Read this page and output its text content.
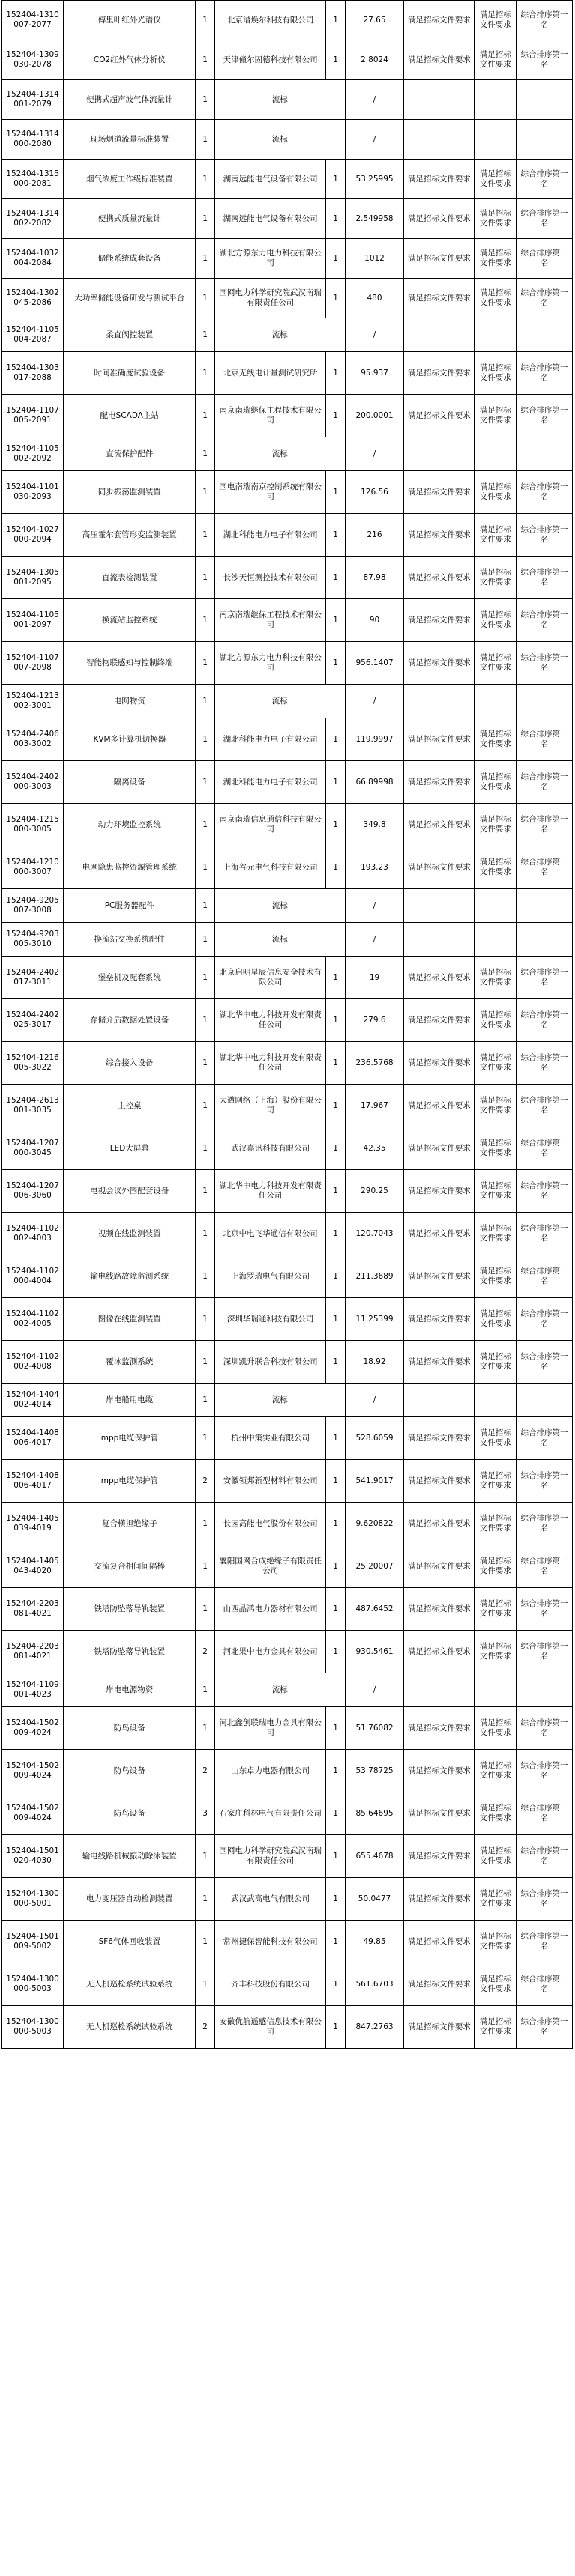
152404-1310007-2077	傅里叶红外光谱仪	1	北京谱焕尔科技有限公司	1	27.65	满足招标文件要求	满足招标文件要求	综合排序第一名
152404-1309030-2078	CO2红外气体分析仪	1	天津僮尔固德科技有限公司	1	2.8024	满足招标文件要求	满足招标文件要求	综合排序第一名
152404-1314001-2079	便携式超声波气体流量计	1	流标		/			
152404-1314000-2080	现场烟道流量标准装置	1	流标		/			
152404-1315000-2081	烟气浓度工作级标准装置	1	湖南远能电气设备有限公司	1	53.25995	满足招标文件要求	满足招标文件要求	综合排序第一名
152404-1314002-2082	便携式质量流量计	1	湖南远能电气设备有限公司	1	2.549958	满足招标文件要求	满足招标文件要求	综合排序第一名
152404-1032004-2084	储能系统成套设备	1	湖北方源东力电力科技有限公司	1	1012	满足招标文件要求	满足招标文件要求	综合排序第一名
152404-1302045-2086	大功率储能设备研发与测试平台	1	国网电力科学研究院武汉南瑞有限责任公司	1	480	满足招标文件要求	满足招标文件要求	综合排序第一名
152404-1105004-2087	柔直阀控装置	1	流标		/			
152404-1303017-2088	时间准确度试验设备	1	北京无线电计量测试研究所	1	95.937	满足招标文件要求	满足招标文件要求	综合排序第一名
152404-1107005-2091	配电SCADA主站	1	南京南瑞继保工程技术有限公司	1	200.0001	满足招标文件要求	满足招标文件要求	综合排序第一名
152404-1105002-2092	直流保护配件	1	流标		/			
152404-1101030-2093	同步振荡监测装置	1	国电南瑞南京控制系统有限公司	1	126.56	满足招标文件要求	满足招标文件要求	综合排序第一名
152404-1027000-2094	高压霍尔套管形变监测装置	1	湖北科能电力电子有限公司	1	216	满足招标文件要求	满足招标文件要求	综合排序第一名
152404-1305001-2095	直流表检测装置	1	长沙天恒测控技术有限公司	1	87.98	满足招标文件要求	满足招标文件要求	综合排序第一名
152404-1105001-2097	换流站监控系统	1	南京南瑞继保工程技术有限公司	1	90	满足招标文件要求	满足招标文件要求	综合排序第一名
152404-1107007-2098	智能物联感知与控制终端	1	湖北方源东力电力科技有限公司	1	956.1407	满足招标文件要求	满足招标文件要求	综合排序第一名
152404-1213002-3001	电网物资	1	流标		/			
152404-2406003-3002	KVM多计算机切换器	1	湖北科能电力电子有限公司	1	119.9997	满足招标文件要求	满足招标文件要求	综合排序第一名
152404-2402000-3003	隔离设备	1	湖北科能电力电子有限公司	1	66.89998	满足招标文件要求	满足招标文件要求	综合排序第一名
152404-1215000-3005	动力环境监控系统	1	南京南瑞信息通信科技有限公司	1	349.8	满足招标文件要求	满足招标文件要求	综合排序第一名
152404-1210000-3007	电网隐患监控资源管理系统	1	上海谷元电气科技有限公司	1	193.23	满足招标文件要求	满足招标文件要求	综合排序第一名
152404-9205007-3008	PC服务器配件	1	流标		/			
152404-9203005-3010	换流站交换系统配件	1	流标		/			
152404-2402017-3011	堡垒机及配套系统	1	北京启明星辰信息安全技术有限公司	1	19	满足招标文件要求	满足招标文件要求	综合排序第一名
152404-2402025-3017	存储介质数据处置设备	1	湖北华中电力科技开发有限责任公司	1	279.6	满足招标文件要求	满足招标文件要求	综合排序第一名
152404-1216005-3022	综合接入设备	1	湖北华中电力科技开发有限责任公司	1	236.5768	满足招标文件要求	满足招标文件要求	综合排序第一名
152404-2613001-3035	主控桌	1	大遒网络（上海）股份有限公司	1	17.967	满足招标文件要求	满足招标文件要求	综合排序第一名
152404-1207000-3045	LED大屏幕	1	武汉嘉讯科技有限公司	1	42.35	满足招标文件要求	满足招标文件要求	综合排序第一名
152404-1207006-3060	电视会议外围配套设备	1	湖北华中电力科技开发有限责任公司	1	290.25	满足招标文件要求	满足招标文件要求	综合排序第一名
152404-1102002-4003	视频在线监测装置	1	北京中电飞华通信有限公司	1	120.7043	满足招标文件要求	满足招标文件要求	综合排序第一名
152404-1102000-4004	输电线路故障监测系统	1	上海罗瑞电气有限公司	1	211.3689	满足招标文件要求	满足招标文件要求	综合排序第一名
152404-1102002-4005	图像在线监测装置	1	深圳华瑞通科技有限公司	1	11.25399	满足招标文件要求	满足招标文件要求	综合排序第一名
152404-1102002-4008	覆冰监测系统	1	深圳凯升联合科技有限公司	1	18.92	满足招标文件要求	满足招标文件要求	综合排序第一名
152404-1404002-4014	岸电船用电缆	1	流标		/			
152404-1408006-4017	mpp电缆保护管	1	杭州中策实业有限公司	1	528.6059	满足招标文件要求	满足招标文件要求	综合排序第一名
152404-1408006-4017	mpp电缆保护管	2	安徽领邦新型材料有限公司	1	541.9017	满足招标文件要求	满足招标文件要求	综合排序第一名
152404-1405039-4019	复合横担绝缘子	1	长园高能电气股份有限公司	1	9.620822	满足招标文件要求	满足招标文件要求	综合排序第一名
152404-1405043-4020	交流复合相间间隔棒	1	襄阳国网合成绝缘子有限责任公司	1	25.20007	满足招标文件要求	满足招标文件要求	综合排序第一名
152404-2203081-4021	铁塔防坠落导轨装置	1	山西晶鸿电力器材有限公司	1	487.6452	满足招标文件要求	满足招标文件要求	综合排序第一名
152404-2203081-4021	铁塔防坠落导轨装置	2	河北果中电力金具有限公司	1	930.5461	满足招标文件要求	满足招标文件要求	综合排序第一名
152404-1109001-4023	岸电电源物资	1	流标		/			
152404-1502009-4024	防鸟设备	1	河北鑫创联瑞电力金具有限公司	1	51.76082	满足招标文件要求	满足招标文件要求	综合排序第一名
152404-1502009-4024	防鸟设备	2	山东卓力电器有限公司	1	53.78725	满足招标文件要求	满足招标文件要求	综合排序第一名
152404-1502009-4024	防鸟设备	3	石家庄科林电气有限责任公司	1	85.64695	满足招标文件要求	满足招标文件要求	综合排序第一名
152404-1501020-4030	输电线路机械振动除冰装置	1	国网电力科学研究院武汉南瑞有限责任公司	1	655.4678	满足招标文件要求	满足招标文件要求	综合排序第一名
152404-1300000-5001	电力变压器自动检测装置	1	武汉武高电气有限公司	1	50.0477	满足招标文件要求	满足招标文件要求	综合排序第一名
152404-1501009-5002	SF6气体回收装置	1	常州捷保智能科技有限公司	1	49.85	满足招标文件要求	满足招标文件要求	综合排序第一名
152404-1300000-5003	无人机巡检系统试验系统	1	齐丰科技股份有限公司	1	561.6703	满足招标文件要求	满足招标文件要求	综合排序第一名
152404-1300000-5003	无人机巡检系统试验系统	2	安徽优航遥感信息技术有限公司	1	847.2763	满足招标文件要求	满足招标文件要求	综合排序第一名
